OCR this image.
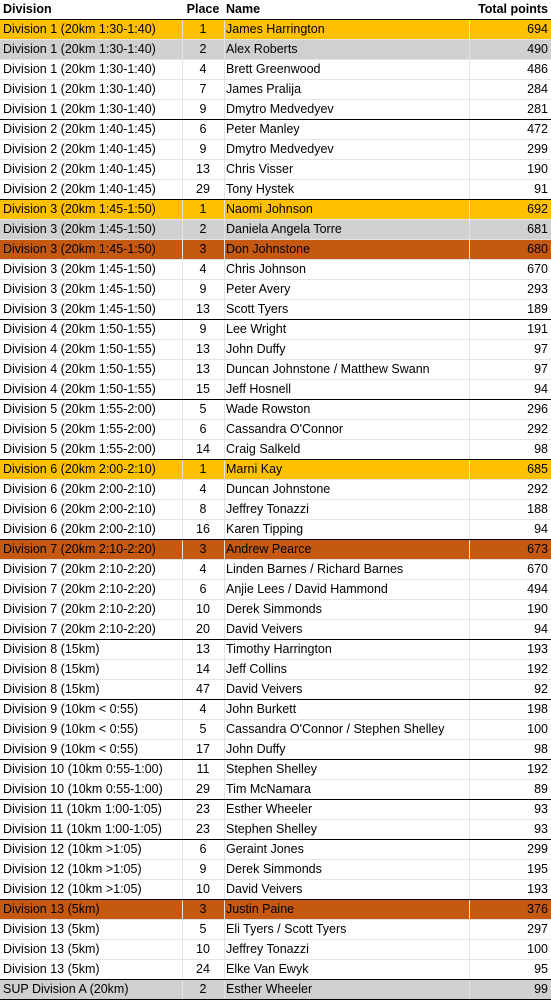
Division	Place Name	Total points
Division 1 (20km 1:30-1:40)	1	James Harrington	694
Division 1 (20km 1:30-1:40)	2	Alex Roberts	490
Division 1 (20km 1:30-1:40)	4	Brett Greenwood	486
Division 1 (20km 1:30-1:40)	7	James Pralija	284
Division 1 (20km 1:30-1:40)	9	Dmytro Medvedyev	281
Division 2 (20km 1:40-1:45)	6	Peter Manley	472
Division 2 (20km 1:40-1:45)	9	Dmytro Medvedyev	299
Division 2 (20km 1:40-1:45)	13	Chris Visser	190
Division 2 (20km 1:40-1:45)	29	Tony Hystek	91
Division 3 (20km 1:45-1:50)	1	Naomi Johnson	692
Division 3 (20km 1:45-1:50)	2	Daniela Angela Torre	681
Division 3 (20km 1:45-1:50)	3	Don Johnstone	680
Division 3 (20km 1:45-1:50)	4	Chris Johnson	670
Division 3 (20km 1:45-1:50)	9	Peter Avery	293
Division 3 (20km 1:45-1:50)	13	Scott Tyers	189
Division 4 (20km 1:50-1:55)	9	Lee Wright	191
Division 4 (20km 1:50-1:55)	13	John Duffy	97
Division 4 (20km 1:50-1:55)	13	Duncan Johnstone / Matthew Swann	97
Division 4 (20km 1:50-1:55)	15	Jeff Hosnell	94
Division 5 (20km 1:55-2:00)	5	Wade Rowston	296
Division 5 (20km 1:55-2:00)	6	Cassandra O'Connor	292
Division 5 (20km 1:55-2:00)	14	Craig Salkeld	98
Division 6 (20km 2:00-2:10)	1	Marni Kay	685
Division 6 (20km 2:00-2:10)	4	Duncan Johnstone	292
Division 6 (20km 2:00-2:10)	8	Jeffrey Tonazzi	188
Division 6 (20km 2:00-2:10)	16	Karen Tipping	94
Division 7 (20km 2:10-2:20)	3	Andrew Pearce	673
Division 7 (20km 2:10-2:20)	4	Linden Barnes / Richard Barnes	670
Division 7 (20km 2:10-2:20)	6	Anjie Lees / David Hammond	494
Division 7 (20km 2:10-2:20)	10	Derek Simmonds	190
Division 7 (20km 2:10-2:20)	20	David Veivers	94
Division 8 (15km)	13	Timothy Harrington	193
Division 8 (15km)	14	Jeff Collins	192
Division 8 (15km)	47	David Veivers	92
Division 9 (10km < 0:55)	4	John Burkett	198
Division 9 (10km < 0:55)	5	Cassandra O'Connor / Stephen Shelley	100
Division 9 (10km < 0:55)	17	John Duffy	98
Division 10 (10km 0:55-1:00)	11	Stephen Shelley	192
Division 10 (10km 0:55-1:00)	29	Tim McNamara	89
Division 11 (10km 1:00-1:05)	23	Esther Wheeler	93
Division 11 (10km 1:00-1:05)	23	Stephen Shelley	93
Division 12 (10km >1:05)	6	Geraint Jones	299
Division 12 (10km >1:05)	9	Derek Simmonds	195
Division 12 (10km >1:05)	10	David Veivers	193
Division 13 (5km)	3	Justin Paine	376
Division 13 (5km)	5	Eli Tyers / Scott Tyers	297
Division 13 (5km)	10	Jeffrey Tonazzi	100
Division 13 (5km)	24	Elke Van Ewyk	95
SUP Division A (20km)	2	Esther Wheeler	99
